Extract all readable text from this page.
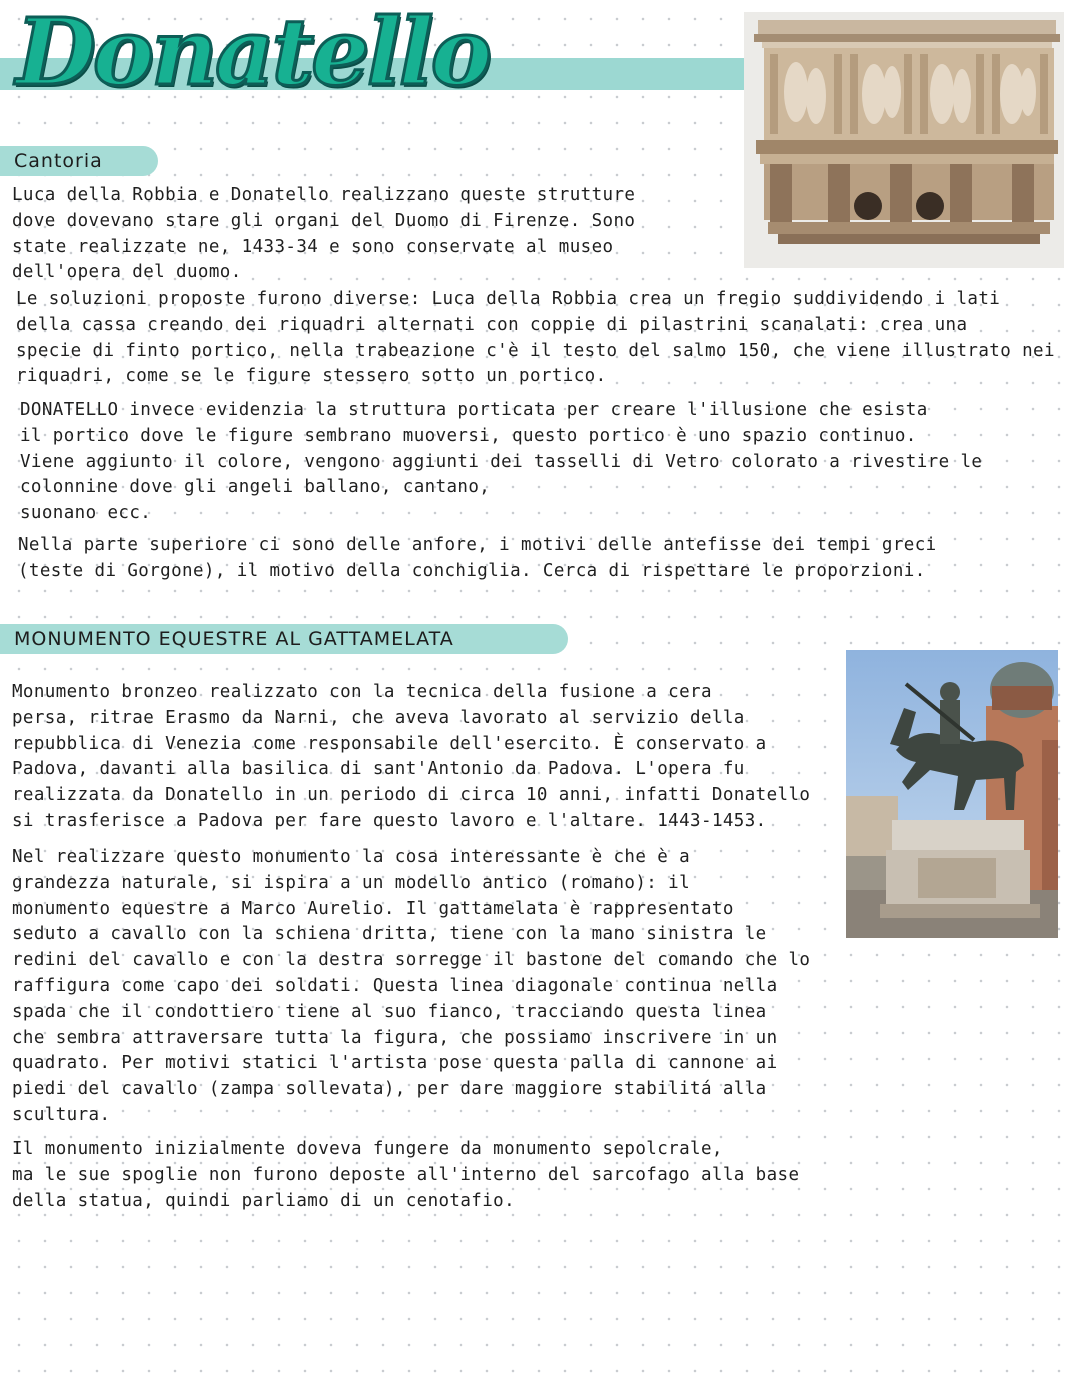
Donatello
Cantoria

Luca della Robbia e Donatello realizzano queste strutture
dove dovevano stare gli organi del Duomo di Firenze. Sono
state realizzate ne, 1433-34 e sono conservate al museo
dell'opera del duomo.

Le soluzioni proposte furono diverse: Luca della Robbia crea un fregio suddividendo i lati
della cassa creando dei riquadri alternati con coppie di pilastrini scanalati: crea una
specie di finto portico, nella trabeazione c'è il testo del salmo 150, che viene illustrato nei
riquadri, come se le figure stessero sotto un portico.

DONATELLO invece evidenzia la struttura porticata per creare l'illusione che esista
il portico dove le figure sembrano muoversi, questo portico è uno spazio continuo.
Viene aggiunto il colore, vengono aggiunti dei tasselli di Vetro colorato a rivestire le
colonnine dove gli angeli ballano, cantano,
suonano ecc.

Nella parte superiore ci sono delle anfore, i motivi delle antefisse dei tempi greci
(teste di Gorgone), il motivo della conchiglia. Cerca di rispettare le proporzioni.

MONUMENTO EQUESTRE AL GATTAMELATA

Monumento bronzeo realizzato con la tecnica della fusione a cera
persa, ritrae Erasmo da Narni, che aveva lavorato al servizio della
repubblica di Venezia come responsabile dell'esercito. È conservato a
Padova, davanti alla basilica di sant'Antonio da Padova. L'opera fu
realizzata da Donatello in un periodo di circa 10 anni, infatti Donatello
si trasferisce a Padova per fare questo lavoro e l'altare. 1443-1453.

Nel realizzare questo monumento la cosa interessante è che è a
grandezza naturale, si ispira a un modello antico (romano): il
monumento equestre a Marco Aurelio. Il gattamelata è rappresentato
seduto a cavallo con la schiena dritta, tiene con la mano sinistra le
redini del cavallo e con la destra sorregge il bastone del comando che lo
raffigura come capo dei soldati. Questa linea diagonale continua nella
spada che il condottiero tiene al suo fianco, tracciando questa linea
che sembra attraversare tutta la figura, che possiamo inscrivere in un
quadrato. Per motivi statici l'artista pose questa palla di cannone ai
piedi del cavallo (zampa sollevata), per dare maggiore stabilitá alla
scultura.

Il monumento inizialmente doveva fungere da monumento sepolcrale,
ma le sue spoglie non furono deposte all'interno del sarcofago alla base
della statua, quindi parliamo di un cenotafio.
